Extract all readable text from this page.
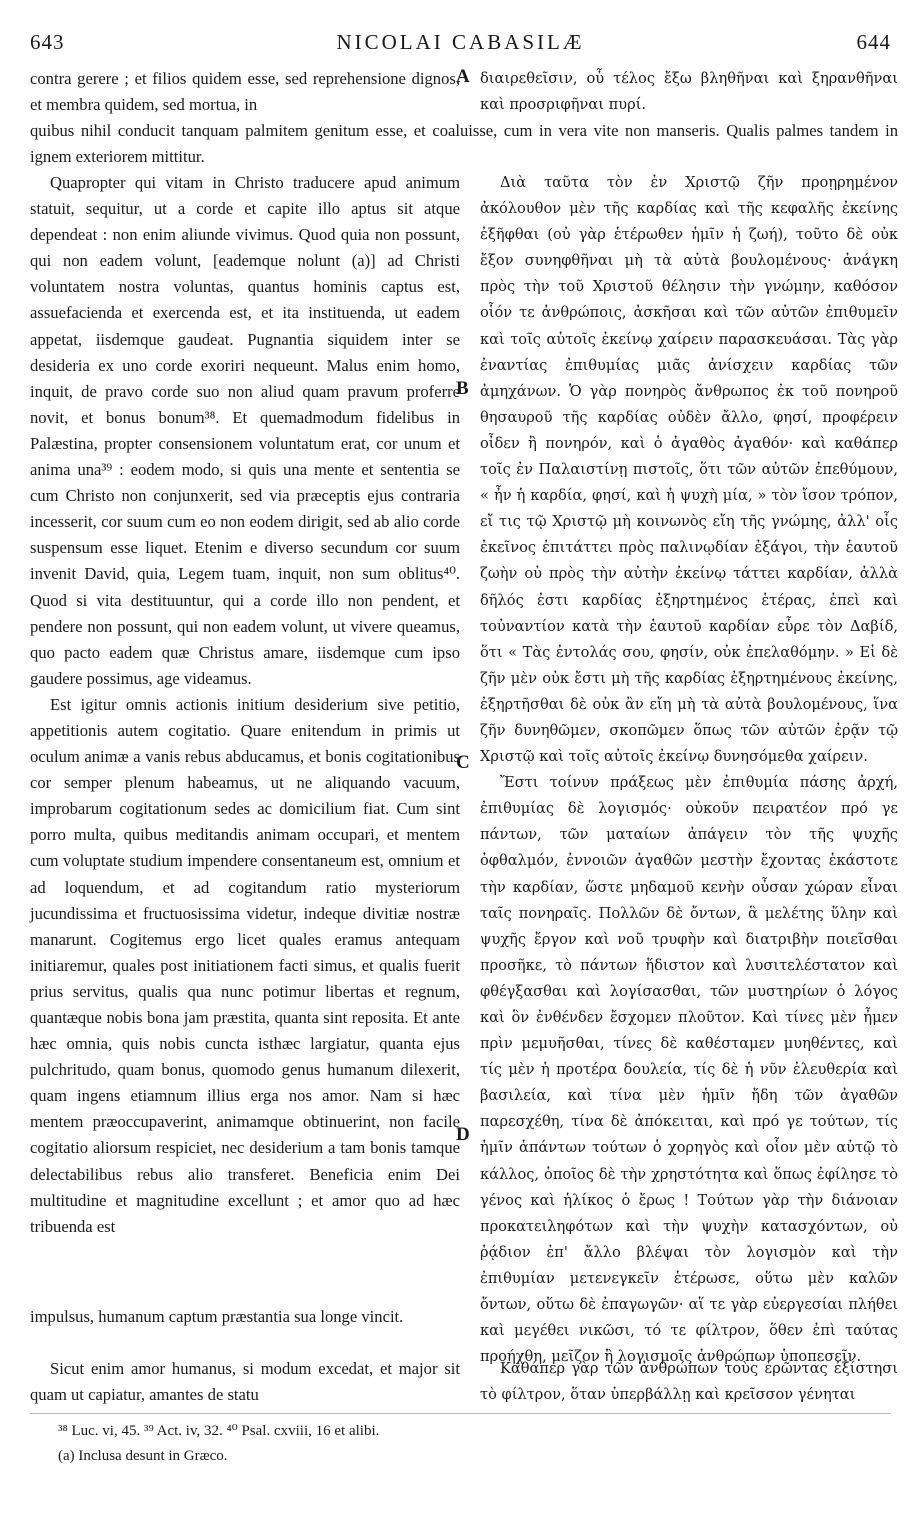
643	NICOLAI CABASILÆ	644
contra gerere ; et filios quidem esse, sed reprehensione dignos, et membra quidem, sed mortua, in
διαιρεθεῖσιν, οὗ τέλος ἔξω βληθῆναι καὶ ξηρανθῆναι καὶ προσριφῆναι πυρί.
quibus nihil conducit tanquam palmitem genitum esse, et coaluisse, cum in vera vite non manseris. Qualis palmes tandem in ignem exteriorem mittitur.

Quapropter qui vitam in Christo traducere apud animum statuit, sequitur, ut a corde et capite illo aptus sit atque dependeat : non enim aliunde vivimus. Quod quia non possunt, qui non eadem volunt, [eademque nolunt (a)] ad Christi voluntatem nostra voluntas, quantus hominis captus est, assuefacienda et exercenda est, et ita instituenda, ut eadem appetat, iisdemque gaudeat. Pugnantia siquidem inter se desideria ex uno corde exoriri nequeunt. Malus enim homo, inquit, de pravo corde suo non aliud quam pravum proferre novit, et bonus bonum³⁸. Et quemadmodum fidelibus in Palæstina, propter consensionem voluntatum erat, cor unum et anima una³⁹ : eodem modo, si quis una mente et sententia se cum Christo non conjunxerit, sed via præceptis ejus contraria incesserit, cor suum cum eo non eodem dirigit, sed ab alio corde suspensum esse liquet. Etenim e diverso secundum cor suum invenit David, quia, Legem tuam, inquit, non sum oblitus⁴⁰. Quod si vita destituuntur, qui a corde illo non pendent, et pendere non possunt, qui non eadem volunt, ut vivere queamus, quo pacto eadem quæ Christus amare, iisdemque cum ipso gaudere possimus, age videamus.

Est igitur omnis actionis initium desiderium sive petitio, appetitionis autem cogitatio. Quare enitendum in primis ut oculum animæ a vanis rebus abducamus, et bonis cogitationibus cor semper plenum habeamus, ut ne aliquando vacuum, improbarum cogitationum sedes ac domicilium fiat. Cum sint porro multa, quibus meditandis animam occupari, et mentem cum voluptate studium impendere consentaneum est, omnium et ad loquendum, et ad cogitandum ratio mysteriorum jucundissima et fructuosissima videtur, indeque divitiæ nostræ manarunt. Cogitemus ergo licet quales eramus antequam initiaremur, quales post initiationem facti simus, et qualis fuerit prius servitus, qualis qua nunc potimur libertas et regnum, quantæque nobis bona jam præstita, quanta sint reposita. Et ante hæc omnia, quis nobis cuncta isthæc largiatur, quanta ejus pulchritudo, quam bonus, quomodo genus humanum dilexerit, quam ingens etiamnum illius erga nos amor. Nam si hæc mentem præoccupaverint, animamque obtinuerint, non facile cogitatio aliorsum respiciet, nec desiderium a tam bonis tamque delectabilibus rebus alio transferet. Beneficia enim Dei multitudine et magnitudine excellunt ; et amor quo ad hæc tribuenda est

Διὰ ταῦτα τὸν ἐν Χριστῷ ζῆν προῃρημένον ἀκόλουθον μὲν τῆς καρδίας καὶ τῆς κεφαλῆς ἐκείνης ἐξῆφθαι (οὐ γὰρ ἑτέρωθεν ἡμῖν ἡ ζωή), τοῦτο δὲ οὐκ ἔξον συνηφθῆναι μὴ τὰ αὐτὰ βουλομένους· ἀνάγκη πρὸς τὴν τοῦ Χριστοῦ θέλησιν τὴν γνώμην, καθόσον οἷόν τε ἀνθρώποις, ἀσκῆσαι καὶ τῶν αὐτῶν ἐπιθυμεῖν καὶ τοῖς αὐτοῖς ἐκείνῳ χαίρειν παρασκευάσαι. Τὰς γὰρ ἐναντίας ἐπιθυμίας μιᾶς ἀνίσχειν καρδίας τῶν ἀμηχάνων. Ὁ γὰρ πονηρὸς ἄνθρωπος ἐκ τοῦ πονηροῦ θησαυροῦ τῆς καρδίας οὐδὲν ἄλλο, φησί, προφέρειν οἶδεν ἢ πονηρόν, καὶ ὁ ἀγαθὸς ἀγαθόν· καὶ καθάπερ τοῖς ἐν Παλαιστίνῃ πιστοῖς, ὅτι τῶν αὐτῶν ἐπεθύμουν, « ἦν ἡ καρδία, φησί, καὶ ἡ ψυχὴ μία, » τὸν ἴσον τρόπον, εἴ τις τῷ Χριστῷ μὴ κοινωνὸς εἴη τῆς γνώμης, ἀλλ' οἷς ἐκεῖνος ἐπιτάττει πρὸς παλινῳδίαν ἐξάγοι, τὴν ἑαυτοῦ ζωὴν οὐ πρὸς τὴν αὐτὴν ἐκείνῳ τάττει καρδίαν, ἀλλὰ δῆλός ἐστι καρδίας ἐξηρτημένος ἑτέρας, ἐπεὶ καὶ τοὐναντίον κατὰ τὴν ἑαυτοῦ καρδίαν εὗρε τὸν Δαβίδ, ὅτι « Τὰς ἐντολάς σου, φησίν, οὐκ ἐπελαθόμην. » Εἰ δὲ ζῆν μὲν οὐκ ἔστι μὴ τῆς καρδίας ἐξηρτημένους ἐκείνης, ἐξηρτῆσθαι δὲ οὐκ ἂν εἴη μὴ τὰ αὐτὰ βουλομένους, ἵνα ζῆν δυνηθῶμεν, σκοπῶμεν ὅπως τῶν αὐτῶν ἐρᾷν τῷ Χριστῷ καὶ τοῖς αὐτοῖς ἐκείνῳ δυνησόμεθα χαίρειν.

Ἔστι τοίνυν πράξεως μὲν ἐπιθυμία πάσης ἀρχή, ἐπιθυμίας δὲ λογισμός· οὐκοῦν πειρατέον πρό γε πάντων, τῶν ματαίων ἀπάγειν τὸν τῆς ψυχῆς ὀφθαλμόν, ἐννοιῶν ἀγαθῶν μεστὴν ἔχοντας ἑκάστοτε τὴν καρδίαν, ὥστε μηδαμοῦ κενὴν οὖσαν χώραν εἶναι ταῖς πονηραῖς. Πολλῶν δὲ ὄντων, ἃ μελέτης ὕλην καὶ ψυχῆς ἔργον καὶ νοῦ τρυφὴν καὶ διατριβὴν ποιεῖσθαι προσῆκε, τὸ πάντων ἥδιστον καὶ λυσιτελέστατον καὶ φθέγξασθαι καὶ λογίσασθαι, τῶν μυστηρίων ὁ λόγος καὶ ὃν ἐνθένδεν ἔσχομεν πλοῦτον. Καὶ τίνες μὲν ἦμεν πρὶν μεμυῆσθαι, τίνες δὲ καθέσταμεν μυηθέντες, καὶ τίς μὲν ἡ προτέρα δουλεία, τίς δὲ ἡ νῦν ἐλευθερία καὶ βασιλεία, καὶ τίνα μὲν ἡμῖν ἤδη τῶν ἀγαθῶν παρεσχέθη, τίνα δὲ ἀπόκειται, καὶ πρό γε τούτων, τίς ἡμῖν ἁπάντων τούτων ὁ χορηγὸς καὶ οἷον μὲν αὐτῷ τὸ κάλλος, ὁποῖος δὲ τὴν χρηστότητα καὶ ὅπως ἐφίλησε τὸ γένος καὶ ἡλίκος ὁ ἔρως ! Τούτων γὰρ τὴν διάνοιαν προκατειληφότων καὶ τὴν ψυχὴν κατασχόντων, οὐ ῥᾴδιον ἐπ' ἄλλο βλέψαι τὸν λογισμὸν καὶ τὴν ἐπιθυμίαν μετενεγκεῖν ἑτέρωσε, οὕτω μὲν καλῶν ὄντων, οὕτω δὲ ἐπαγωγῶν· αἵ τε γὰρ εὐεργεσίαι πλήθει καὶ μεγέθει νικῶσι, τό τε φίλτρον, ὅθεν ἐπὶ ταύτας προήχθη, μεῖζον ἢ λογισμοῖς ἀνθρώπων ὑποπεσεῖν.

A
B
C
D
impulsus, humanum captum præstantia sua longe vincit.

Sicut enim amor humanus, si modum excedat, et major sit quam ut capiatur, amantes de statu

Καθάπερ γὰρ τῶν ἀνθρώπων τοὺς ἐρῶντας ἐξίστησι τὸ φίλτρον, ὅταν ὑπερβάλλῃ καὶ κρεῖσσον γένηται

³⁸ Luc. vi, 45. ³⁹ Act. iv, 32. ⁴⁰ Psal. cxviii, 16 et alibi.
(a) Inclusa desunt in Græco.
